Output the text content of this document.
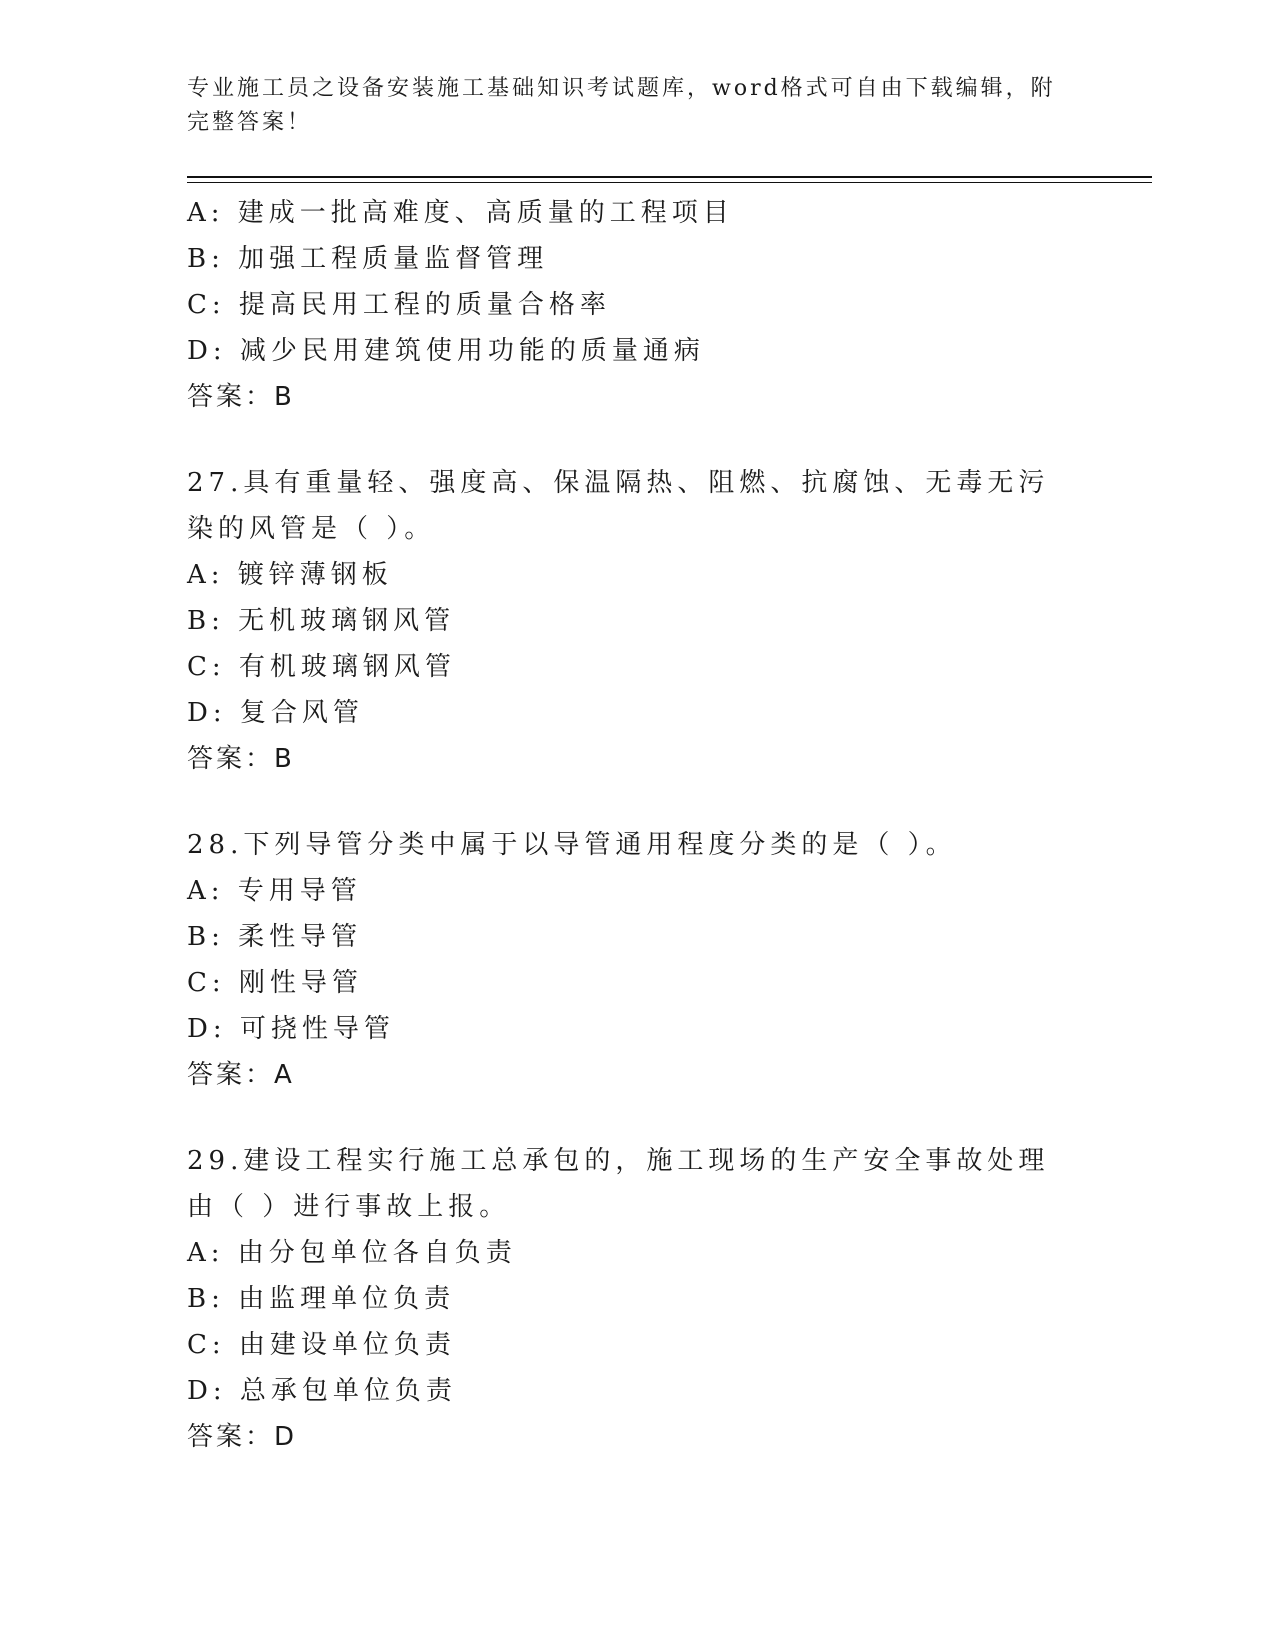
专业施工员之设备安装施工基础知识考试题库，word格式可自由下载编辑，附完整答案！
A: 建成一批高难度、高质量的工程项目
B: 加强工程质量监督管理
C: 提高民用工程的质量合格率
D: 减少民用建筑使用功能的质量通病
答案：B
27.具有重量轻、强度高、保温隔热、阻燃、抗腐蚀、无毒无污染的风管是（ ）。
A: 镀锌薄钢板
B: 无机玻璃钢风管
C: 有机玻璃钢风管
D: 复合风管
答案：B
28.下列导管分类中属于以导管通用程度分类的是（ ）。
A: 专用导管
B: 柔性导管
C: 刚性导管
D: 可挠性导管
答案：A
29.建设工程实行施工总承包的，施工现场的生产安全事故处理由（ ）进行事故上报。
A: 由分包单位各自负责
B: 由监理单位负责
C: 由建设单位负责
D: 总承包单位负责
答案：D
